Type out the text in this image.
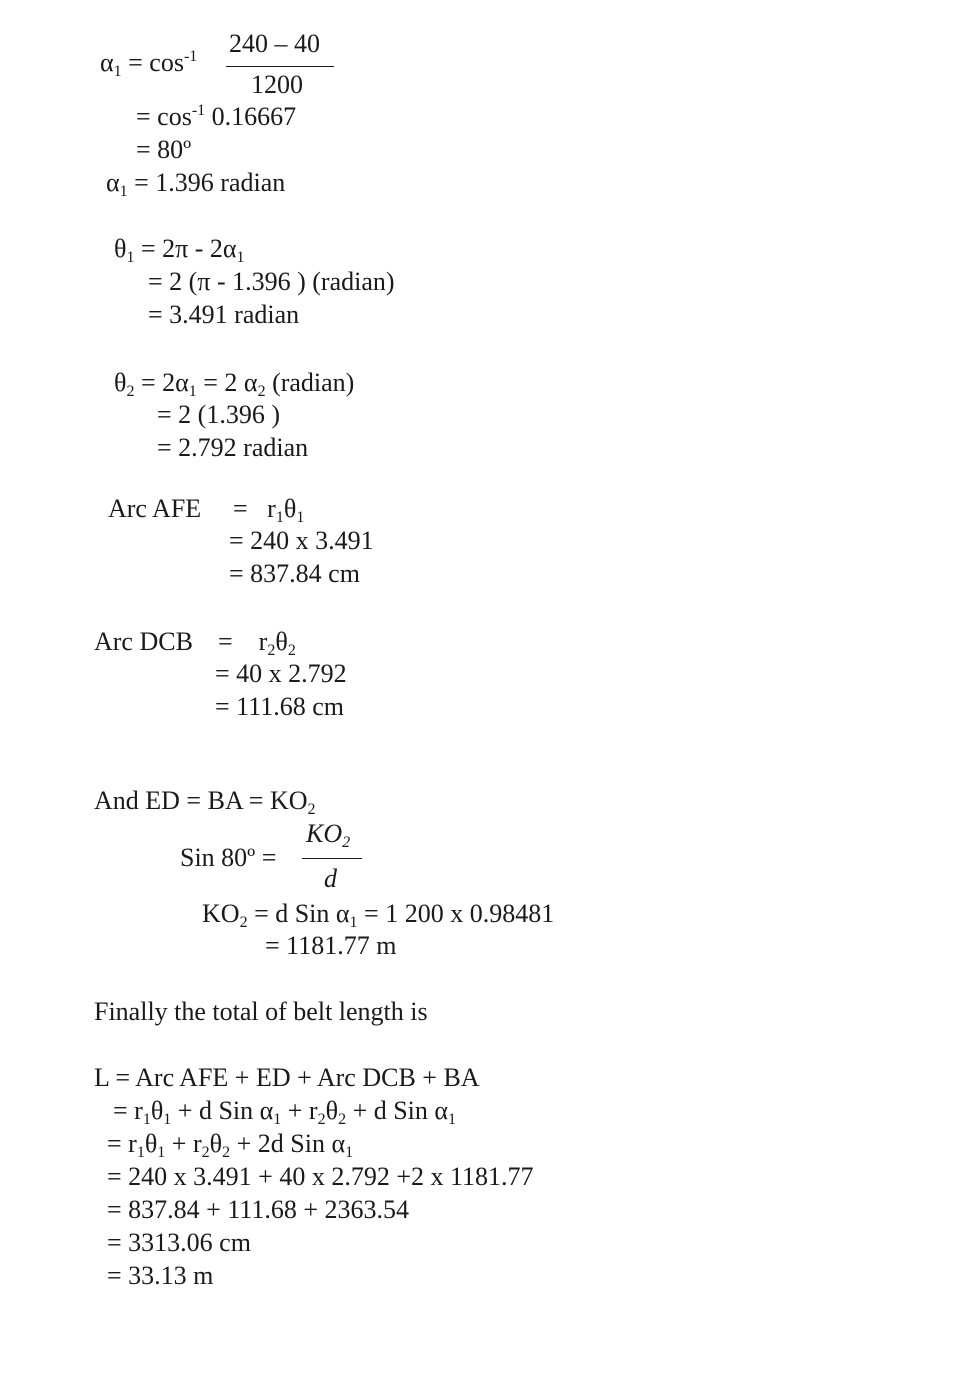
$\alpha_1 = \cos^{-1} 240 - 40$
1200
= $\cos^{-1} 0.16667$
= 80º
$\alpha_1 = 1.396$ radian
$\theta_1 = 2\pi - 2\alpha_1$
= 2 (π - 1.396 ) (radian)
= 3.491 radian
$\theta_2 = 2\alpha_1 = 2$ $\alpha_2$ (radian)
= 2 (1.396 )
= 2.792 radian
Arc AFE = $r_1\theta_1$
= 240 x 3.491
= 837.84 cm
Arc DCB = $r_2\theta_2$
= 40 x 2.792
= 111.68 cm
And ED = BA = $KO_2$
Sin 80º =
$KO_2$
d
$KO_2 = d$ Sin $\alpha_1 = 1$ 200 x 0.98481
= 1181.77 m
Finally the total of belt length is
L = Arc AFE + ED + Arc DCB + BA
= $r_1\theta_1 + d$ Sin $\alpha_1 + r_2\theta_2 + d$ Sin $\alpha_1$
= $r_1\theta_1 + r_2\theta_2 + 2d$ Sin $\alpha_1$
= 240 x 3.491 + 40 x 2.792 +2 x 1181.77
= 837.84 + 111.68 + 2363.54
= 3313.06 cm
= 33.13 m
